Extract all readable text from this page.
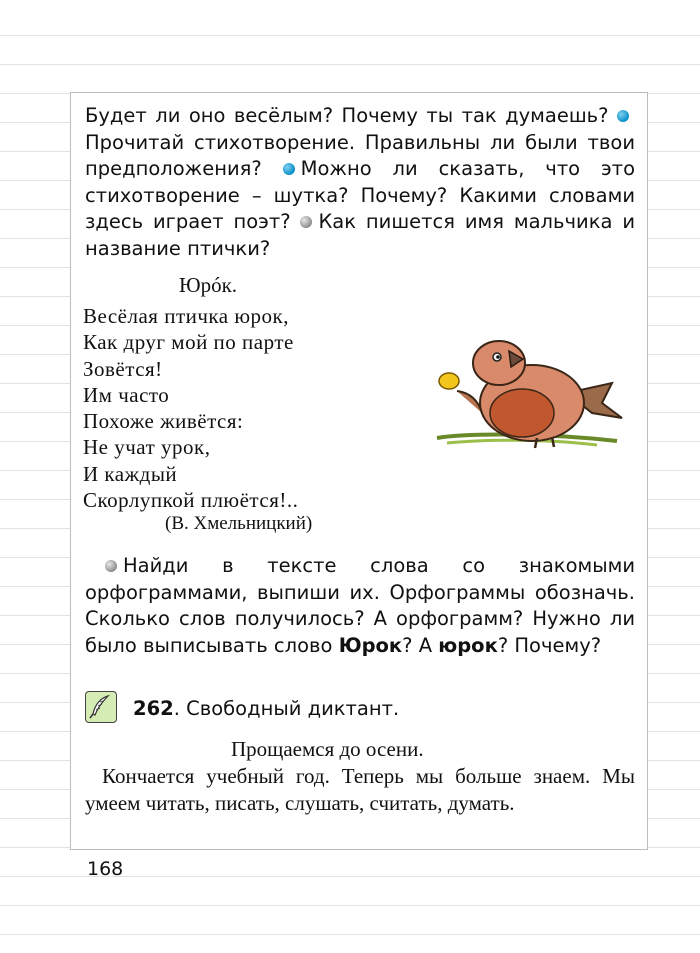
Будет ли оно весёлым? Почему ты так думаешь? Прочитай стихотворение. Правильны ли были твои предположения? Можно ли сказать, что это стихотворение – шутка? Почему? Какими словами здесь играет поэт? Как пишется имя мальчика и название птички?
Юрóк.
Весёлая птичка юрок,
Как друг мой по парте
Зовётся!
Им часто
Похоже живётся:
Не учат урок,
И каждый
Скорлупкой плюётся!..
(В. Хмельницкий)
Найди в тексте слова со знакомыми орфограммами, выпиши их. Орфограммы обозначь. Сколько слов получилось? А орфограмм? Нужно ли было выписывать слово Юрок? А юрок? Почему?
262. Свободный диктант.
Прощаемся до осени.
Кончается учебный год. Теперь мы больше знаем. Мы умеем читать, писать, слушать, считать, думать.
168
